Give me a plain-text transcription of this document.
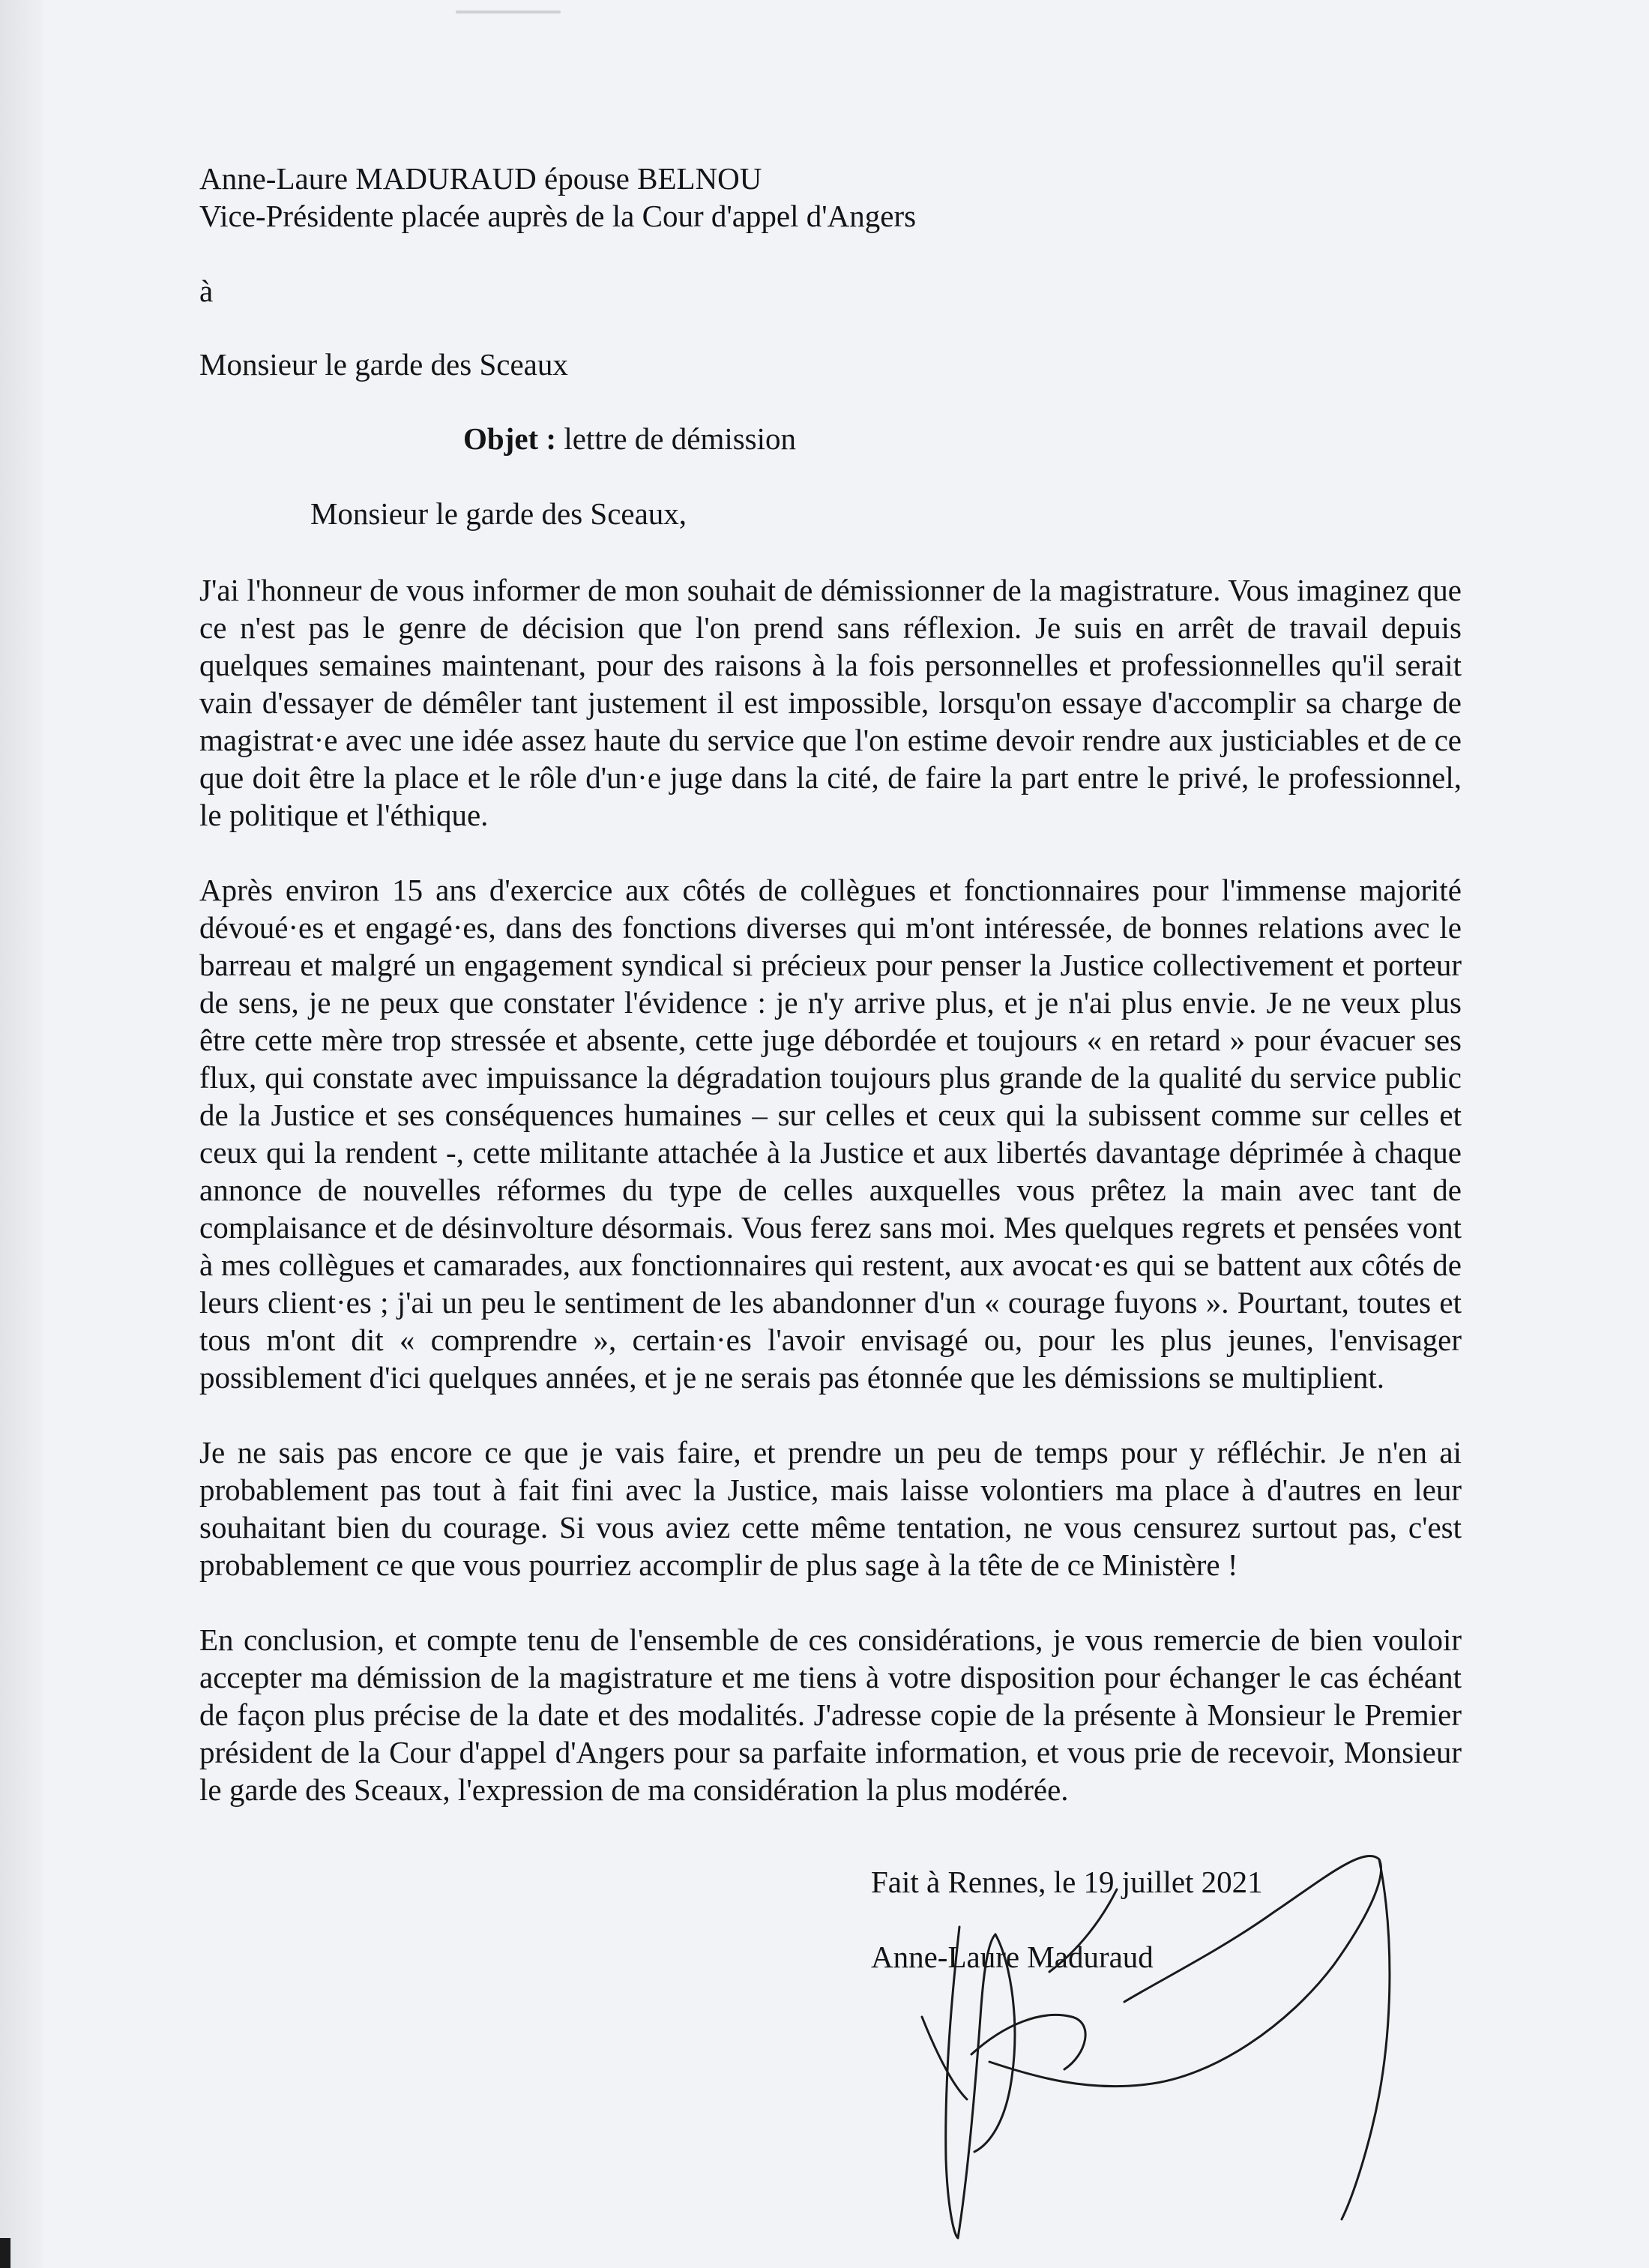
Anne-Laure MADURAUD épouse BELNOU
Vice-Présidente placée auprès de la Cour d'appel d'Angers
à
Monsieur le garde des Sceaux
Objet : lettre de démission
Monsieur le garde des Sceaux,

J'ai l'honneur de vous informer de mon souhait de démissionner de la magistrature. Vous imaginez que ce n'est pas le genre de décision que l'on prend sans réflexion. Je suis en arrêt de travail depuis quelques semaines maintenant, pour des raisons à la fois personnelles et professionnelles qu'il serait vain d'essayer de démêler tant justement il est impossible, lorsqu'on essaye d'accomplir sa charge de magistrat·e avec une idée assez haute du service que l'on estime devoir rendre aux justiciables et de ce que doit être la place et le rôle d'un·e juge dans la cité, de faire la part entre le privé, le professionnel, le politique et l'éthique.

Après environ 15 ans d'exercice aux côtés de collègues et fonctionnaires pour l'immense majorité dévoué·es et engagé·es, dans des fonctions diverses qui m'ont intéressée, de bonnes relations avec le barreau et malgré un engagement syndical si précieux pour penser la Justice collectivement et porteur de sens, je ne peux que constater l'évidence : je n'y arrive plus, et je n'ai plus envie. Je ne veux plus être cette mère trop stressée et absente, cette juge débordée et toujours « en retard » pour évacuer ses flux, qui constate avec impuissance la dégradation toujours plus grande de la qualité du service public de la Justice et ses conséquences humaines – sur celles et ceux qui la subissent comme sur celles et ceux qui la rendent -, cette militante attachée à la Justice et aux libertés davantage déprimée à chaque annonce de nouvelles réformes du type de celles auxquelles vous prêtez la main avec tant de complaisance et de désinvolture désormais. Vous ferez sans moi. Mes quelques regrets et pensées vont à mes collègues et camarades, aux fonctionnaires qui restent, aux avocat·es qui se battent aux côtés de leurs client·es ; j'ai un peu le sentiment de les abandonner d'un « courage fuyons ». Pourtant, toutes et tous m'ont dit « comprendre », certain·es l'avoir envisagé ou, pour les plus jeunes, l'envisager possiblement d'ici quelques années, et je ne serais pas étonnée que les démissions se multiplient.

Je ne sais pas encore ce que je vais faire, et prendre un peu de temps pour y réfléchir. Je n'en ai probablement pas tout à fait fini avec la Justice, mais laisse volontiers ma place à d'autres en leur souhaitant bien du courage. Si vous aviez cette même tentation, ne vous censurez surtout pas, c'est probablement ce que vous pourriez accomplir de plus sage à la tête de ce Ministère !

En conclusion, et compte tenu de l'ensemble de ces considérations, je vous remercie de bien vouloir accepter ma démission de la magistrature et me tiens à votre disposition pour échanger le cas échéant de façon plus précise de la date et des modalités. J'adresse copie de la présente à Monsieur le Premier président de la Cour d'appel d'Angers pour sa parfaite information, et vous prie de recevoir, Monsieur le garde des Sceaux, l'expression de ma considération la plus modérée.

Fait à Rennes, le 19 juillet 2021
Anne-Laure Maduraud
